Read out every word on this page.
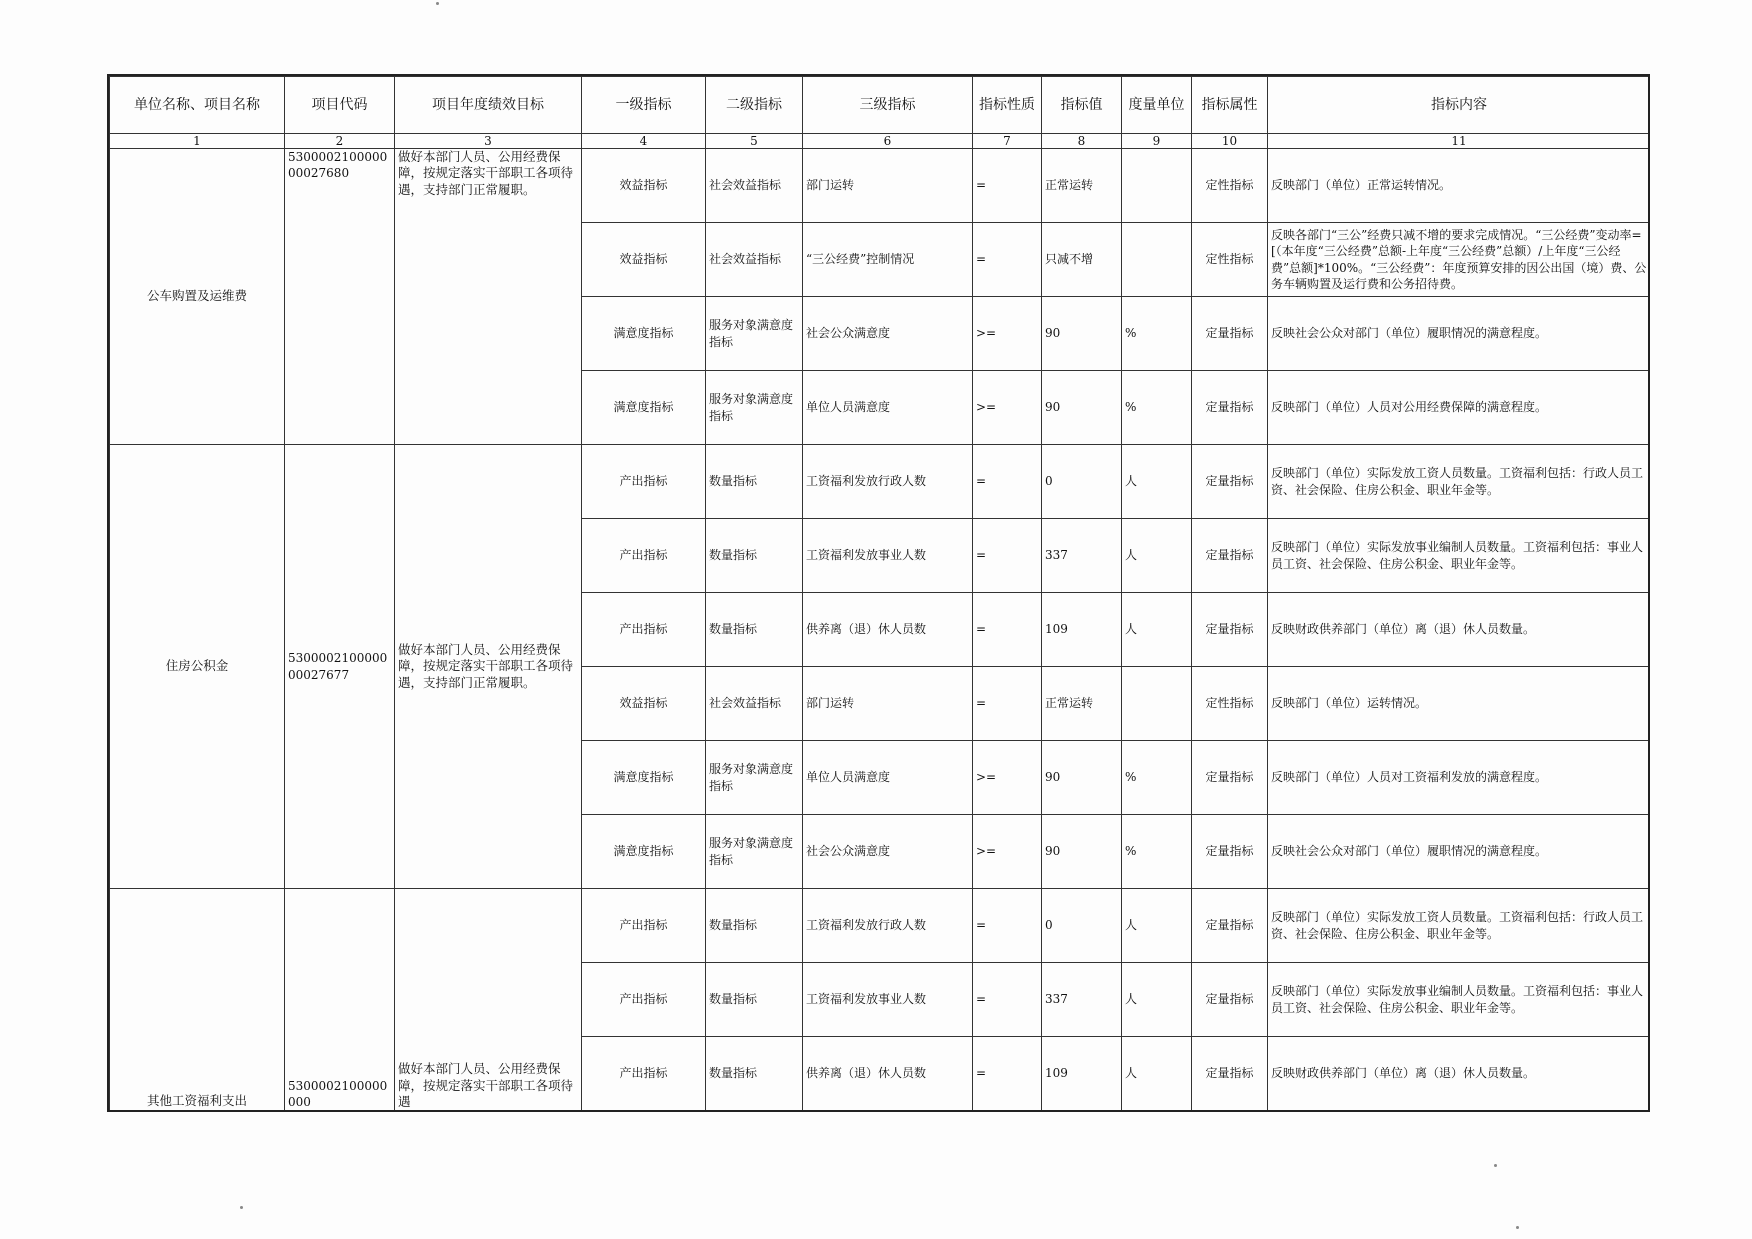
单位名称、项目名称	项目代码	项目年度绩效目标	一级指标	二级指标	三级指标	指标性质	指标值	度量单位	指标属性	指标内容
1	2	3	4	5	6	7	8	9	10	11
公车购置及运维费	530000210000000027680	做好本部门人员、公用经费保障，按规定落实干部职工各项待遇，支持部门正常履职。	效益指标	社会效益指标	部门运转	=	正常运转		定性指标	反映部门（单位）正常运转情况。
			效益指标	社会效益指标	“三公经费”控制情况	=	只减不增		定性指标	反映各部门“三公”经费只减不增的要求完成情况。“三公经费”变动率=[（本年度“三公经费”总额-上年度“三公经费”总额）/上年度“三公经费”总额]*100%。“三公经费”：年度预算安排的因公出国（境）费、公务车辆购置及运行费和公务招待费。
			满意度指标	服务对象满意度指标	社会公众满意度	>=	90	%	定量指标	反映社会公众对部门（单位）履职情况的满意程度。
			满意度指标	服务对象满意度指标	单位人员满意度	>=	90	%	定量指标	反映部门（单位）人员对公用经费保障的满意程度。
住房公积金	530000210000000027677	做好本部门人员、公用经费保障，按规定落实干部职工各项待遇，支持部门正常履职。	产出指标	数量指标	工资福利发放行政人数	=	0	人	定量指标	反映部门（单位）实际发放工资人员数量。工资福利包括：行政人员工资、社会保险、住房公积金、职业年金等。
			产出指标	数量指标	工资福利发放事业人数	=	337	人	定量指标	反映部门（单位）实际发放事业编制人员数量。工资福利包括：事业人员工资、社会保险、住房公积金、职业年金等。
			产出指标	数量指标	供养离（退）休人员数	=	109	人	定量指标	反映财政供养部门（单位）离（退）休人员数量。
			效益指标	社会效益指标	部门运转	=	正常运转		定性指标	反映部门（单位）运转情况。
			满意度指标	服务对象满意度指标	单位人员满意度	>=	90	%	定量指标	反映部门（单位）人员对工资福利发放的满意程度。
			满意度指标	服务对象满意度指标	社会公众满意度	>=	90	%	定量指标	反映社会公众对部门（单位）履职情况的满意程度。
其他工资福利支出	5300002100000000	做好本部门人员、公用经费保障，按规定落实干部职工各项待遇	产出指标	数量指标	工资福利发放行政人数	=	0	人	定量指标	反映部门（单位）实际发放工资人员数量。工资福利包括：行政人员工资、社会保险、住房公积金、职业年金等。
			产出指标	数量指标	工资福利发放事业人数	=	337	人	定量指标	反映部门（单位）实际发放事业编制人员数量。工资福利包括：事业人员工资、社会保险、住房公积金、职业年金等。
			产出指标	数量指标	供养离（退）休人员数	=	109	人	定量指标	反映财政供养部门（单位）离（退）休人员数量。
